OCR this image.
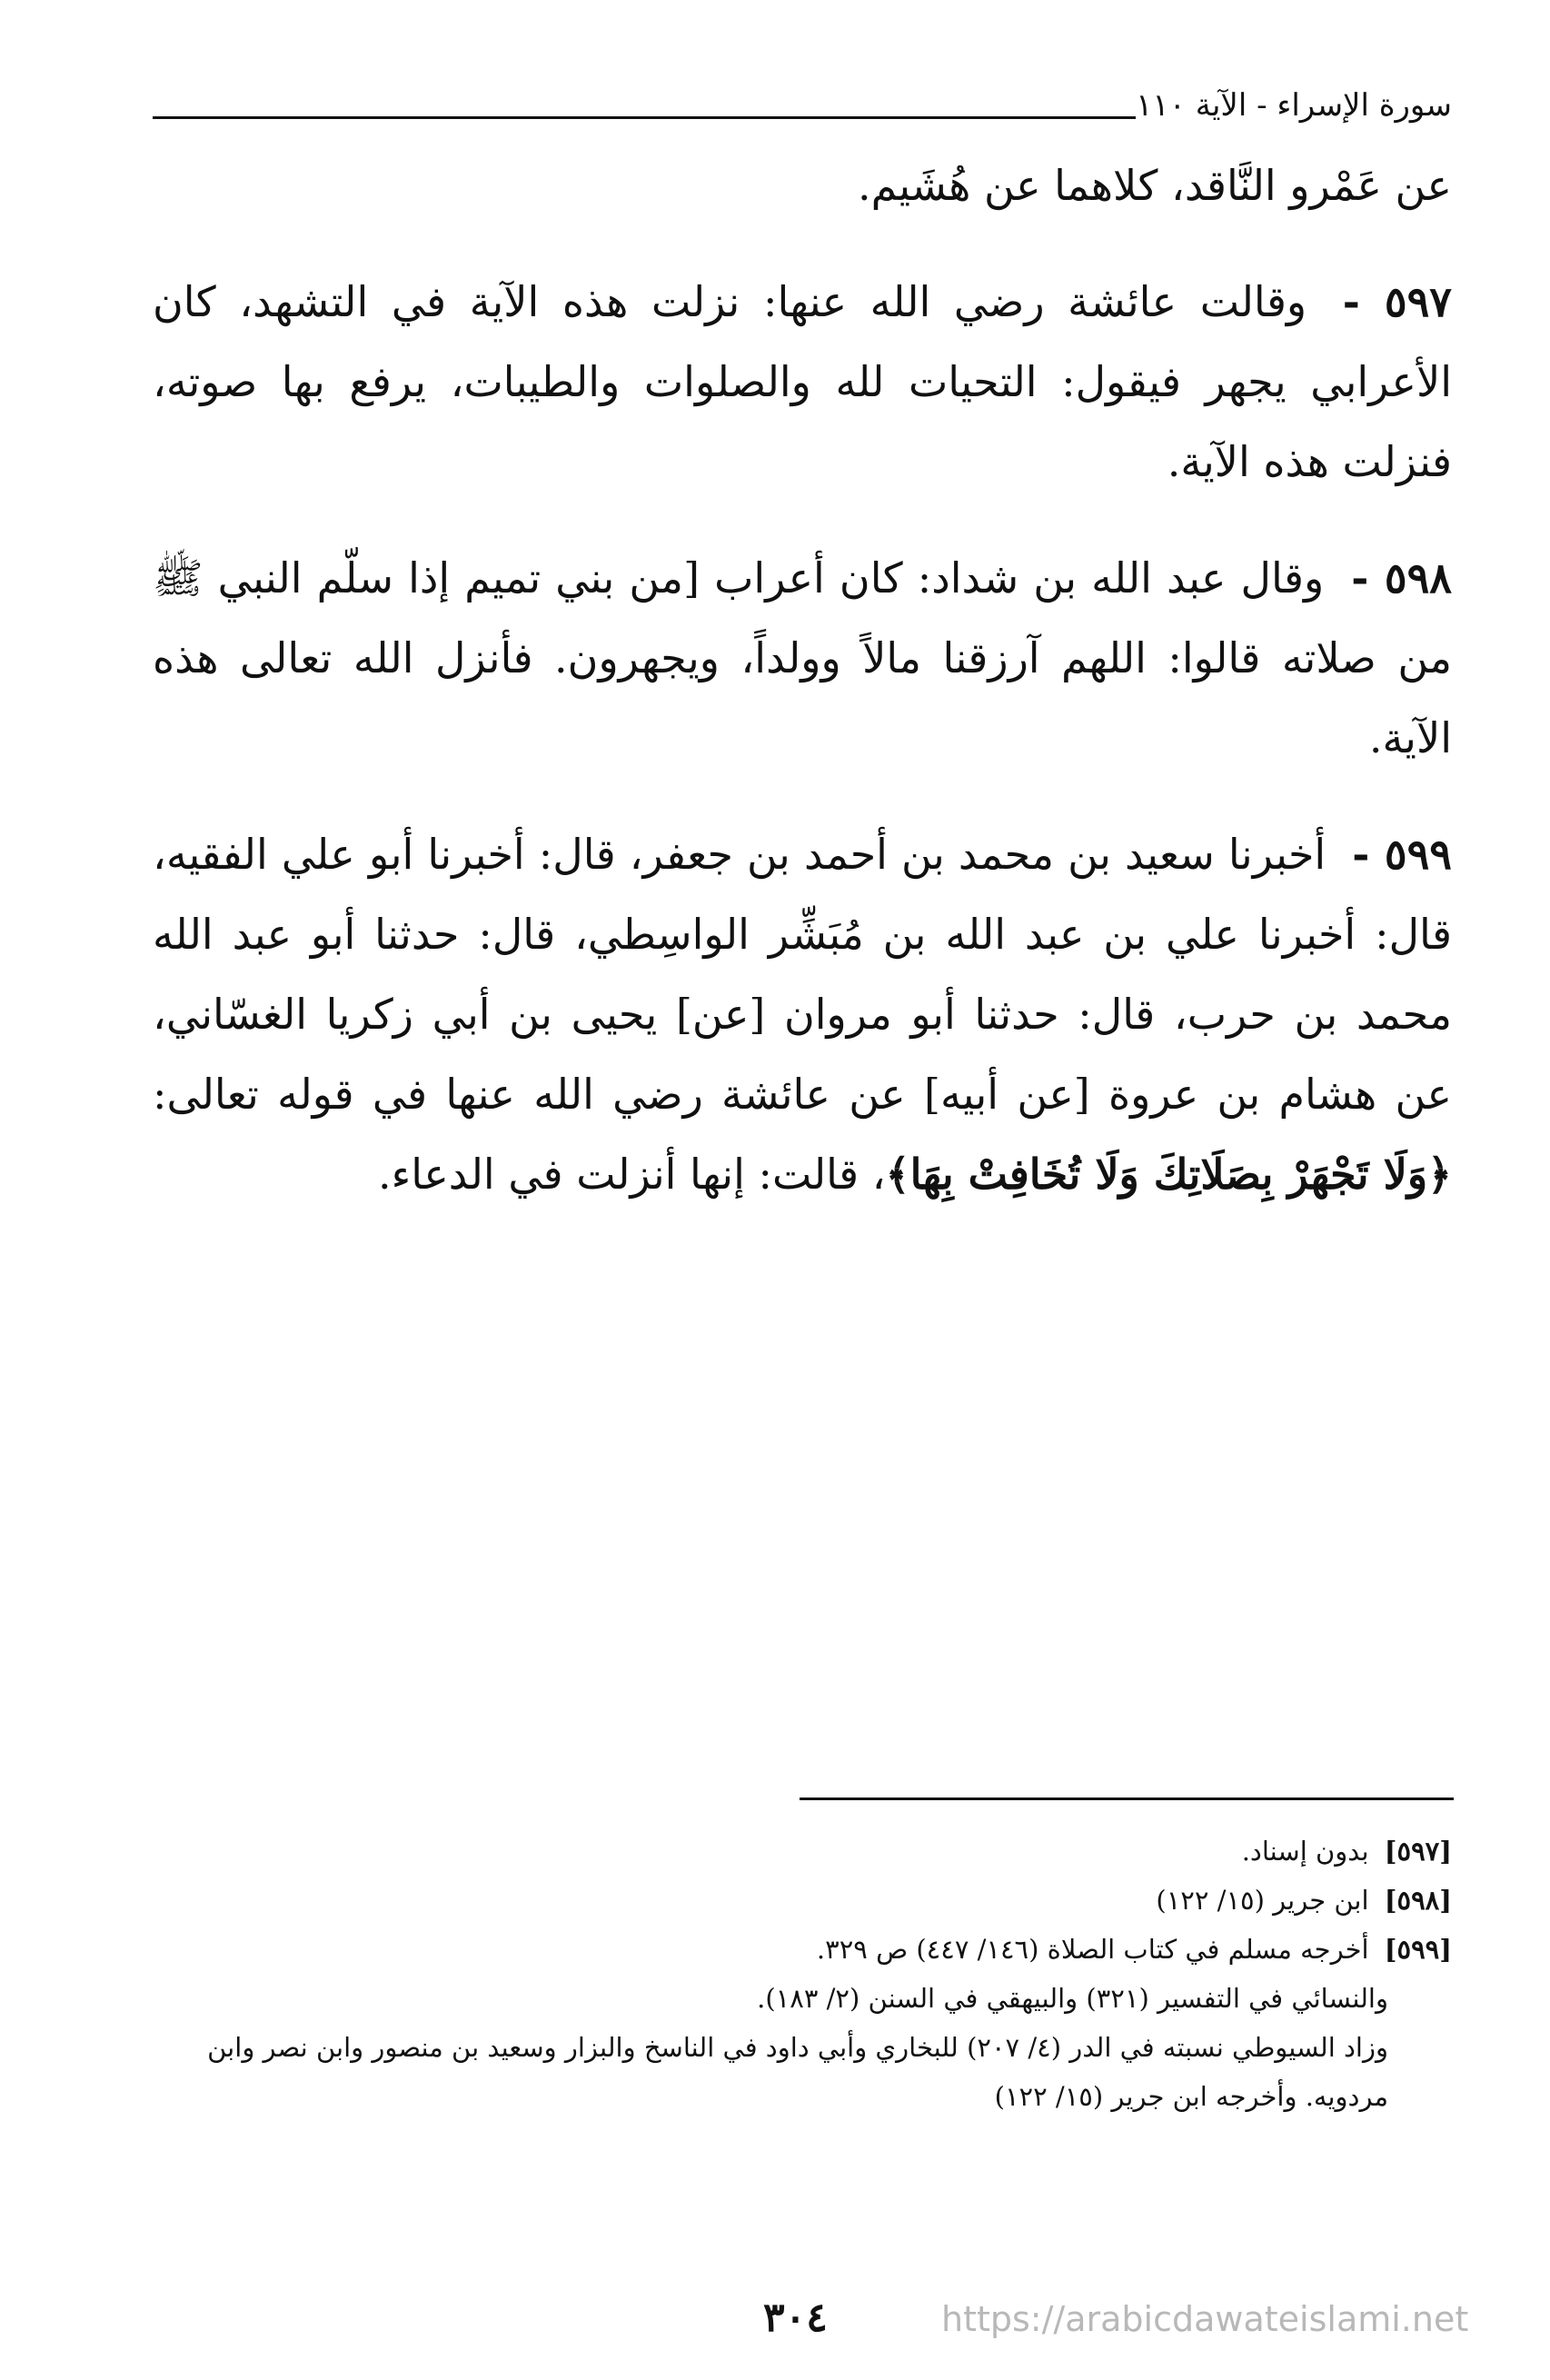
سورة الإسراء - الآية ١١٠

عن عَمْرو النَّاقد، كلاهما عن هُشَيم.

٥٩٧ - وقالت عائشة رضي الله عنها: نزلت هذه الآية في التشهد، كان الأعرابي يجهر فيقول: التحيات لله والصلوات والطيبات، يرفع بها صوته، فنزلت هذه الآية.

٥٩٨ - وقال عبد الله بن شداد: كان أعراب [من بني تميم إذا سلّم النبي ﷺ من صلاته قالوا: اللهم آرزقنا مالاً وولداً، ويجهرون. فأنزل الله تعالى هذه الآية.

٥٩٩ - أخبرنا سعيد بن محمد بن أحمد بن جعفر، قال: أخبرنا أبو علي الفقيه، قال: أخبرنا علي بن عبد الله بن مُبَشِّر الواسِطي، قال: حدثنا أبو عبد الله محمد بن حرب، قال: حدثنا أبو مروان [عن] يحيى بن أبي زكريا الغسّاني، عن هشام بن عروة [عن أبيه] عن عائشة رضي الله عنها في قوله تعالى: ﴿وَلَا تَجْهَرْ بِصَلَاتِكَ وَلَا تُخَافِتْ بِهَا﴾، قالت: إنها أنزلت في الدعاء.

[٥٩٧] بدون إسناد.

[٥٩٨] ابن جرير (١٥/ ١٢٢)

[٥٩٩] أخرجه مسلم في كتاب الصلاة (١٤٦/ ٤٤٧) ص ٣٢٩.

والنسائي في التفسير (٣٢١) والبيهقي في السنن (٢/ ١٨٣).

وزاد السيوطي نسبته في الدر (٤/ ٢٠٧) للبخاري وأبي داود في الناسخ والبزار وسعيد بن منصور وابن نصر وابن مردويه. وأخرجه ابن جرير (١٥/ ١٢٢)

٣٠٤	https://arabicdawateislami.net
